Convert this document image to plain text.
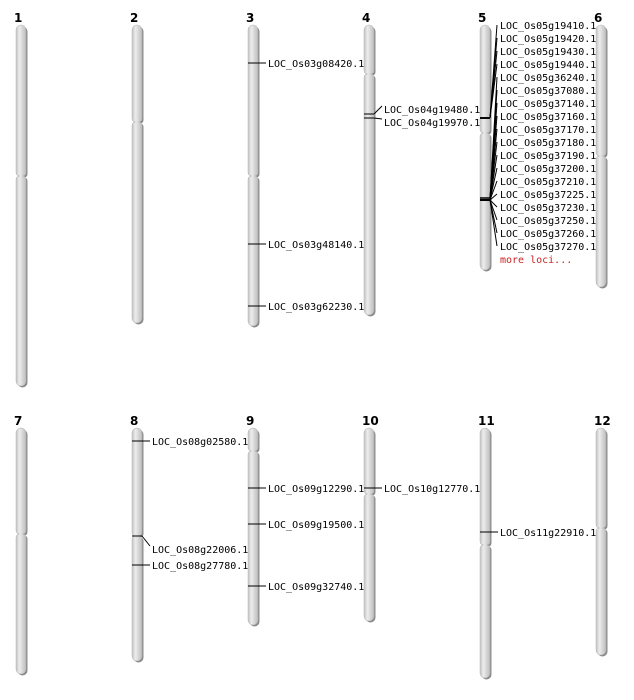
1	2	3
LOC_Os03g08420.1
LOC_Os03g48140.1
LOC_Os03g62230.1
4
LOC_Os04g19480.1
LOC_Os04g19970.1
5
LOC_Os05g19410.1
LOC_Os05g19420.1
LOC_Os05g19430.1
LOC_Os05g19440.1
LOC_Os05g36240.1
LOC_Os05g37080.1
LOC_Os05g37140.1
LOC_Os05g37160.1
LOC_Os05g37170.1
LOC_Os05g37180.1
LOC_Os05g37190.1
LOC_Os05g37200.1
LOC_Os05g37210.1
LOC_Os05g37225.1
LOC_Os05g37230.1
LOC_Os05g37250.1
LOC_Os05g37260.1
LOC_Os05g37270.1
more loci...
6
7	8
LOC_Os08g02580.1
LOC_Os08g22006.1
LOC_Os08g27780.1
9
LOC_Os09g12290.1
LOC_Os09g19500.1
LOC_Os09g32740.1
10
LOC_Os10g12770.1
11
LOC_Os11g22910.1
12
